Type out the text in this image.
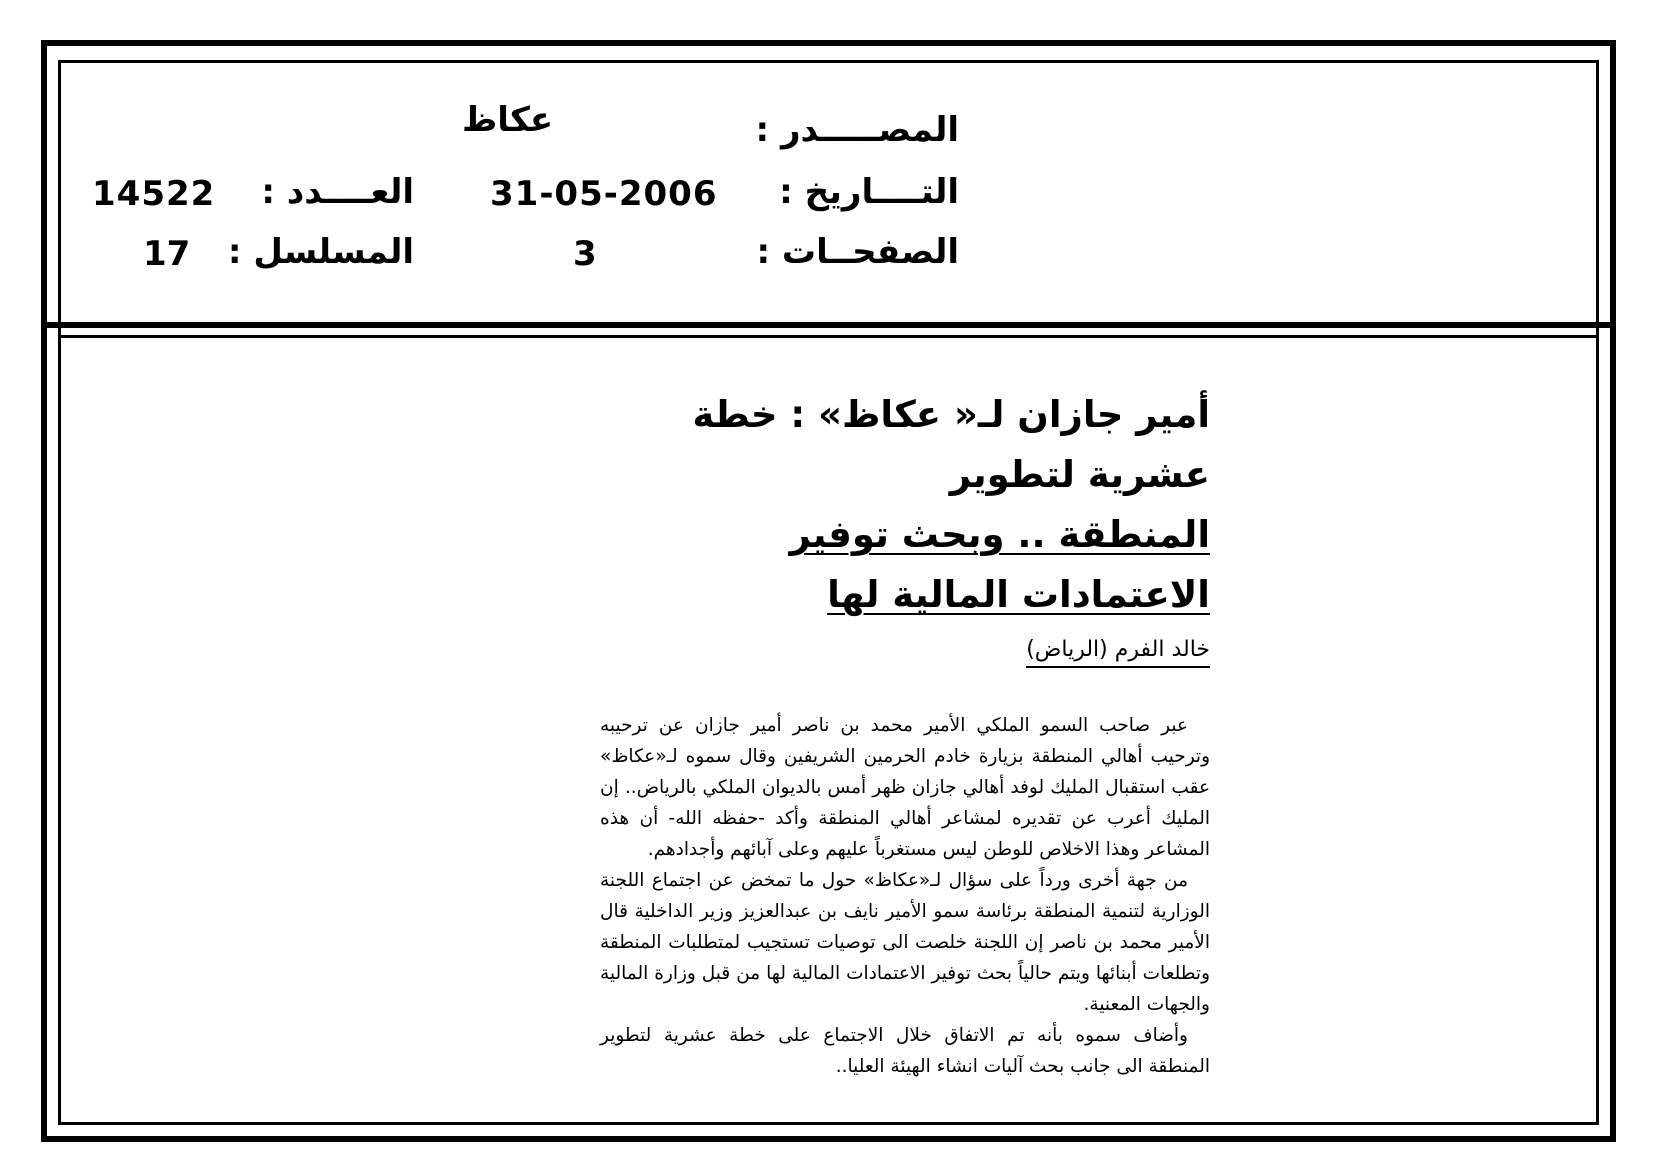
المصـــــدر :
عكاظ
التــــاريخ :
31-05-2006
العــــدد :
14522
الصفحــات :
3
المسلسل :
17
أمير جازان لـ« عكاظ» : خطة عشرية لتطوير
المنطقة .. وبحث توفير الاعتمادات المالية لها
خالد الفرم (الرياض)

عبر صاحب السمو الملكي الأمير محمد بن ناصر أمير جازان عن ترحيبه وترحيب أهالي المنطقة بزيارة خادم الحرمين الشريفين وقال سموه لـ«عكاظ» عقب استقبال المليك لوفد أهالي جازان ظهر أمس بالديوان الملكي بالرياض.. إن المليك أعرب عن تقديره لمشاعر أهالي المنطقة وأكد -حفظه الله- أن هذه المشاعر وهذا الاخلاص للوطن ليس مستغرباً عليهم وعلى آبائهم وأجدادهم.

من جهة أخرى ورداً على سؤال لـ«عكاظ» حول ما تمخض عن اجتماع اللجنة الوزارية لتنمية المنطقة برئاسة سمو الأمير نايف بن عبدالعزيز وزير الداخلية قال الأمير محمد بن ناصر إن اللجنة خلصت الى توصيات تستجيب لمتطلبات المنطقة وتطلعات أبنائها ويتم حالياً بحث توفير الاعتمادات المالية لها من قبل وزارة المالية والجهات المعنية.

وأضاف سموه بأنه تم الاتفاق خلال الاجتماع على خطة عشرية لتطوير المنطقة الى جانب بحث آليات انشاء الهيئة العليا..
